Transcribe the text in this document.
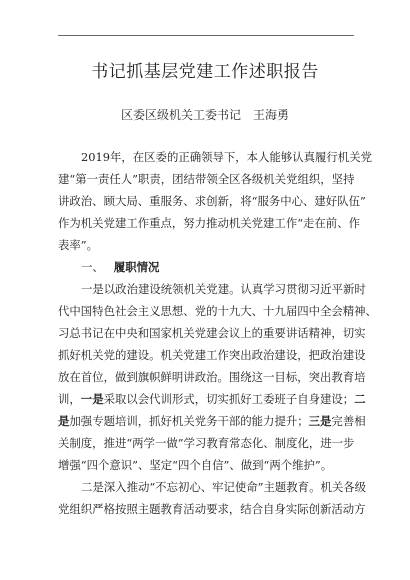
书记抓基层党建工作述职报告
区委区级机关工委书记 王海勇
2019年，在区委的正确领导下，本人能够认真履行机关党
建“第一责任人”职责，团结带领全区各级机关党组织，坚持
讲政治、顾大局、重服务、求创新，将“服务中心、建好队伍”
作为机关党建工作重点，努力推动机关党建工作“走在前、作
表率”。
一、 履职情况
一是以政治建设统领机关党建。认真学习贯彻习近平新时
代中国特色社会主义思想、党的十九大、十九届四中全会精神、
习总书记在中央和国家机关党建会议上的重要讲话精神，切实
抓好机关党的建设。机关党建工作突出政治建设，把政治建设
放在首位，做到旗帜鲜明讲政治。围绕这一目标，突出教育培
训，一是采取以会代训形式，切实抓好工委班子自身建设；二
是加强专题培训，抓好机关党务干部的能力提升；三是完善相
关制度，推进“两学一做”学习教育常态化、制度化，进一步
增强“四个意识”、坚定“四个自信”、做到“两个维护”。
二是深入推动“不忘初心、牢记使命”主题教育。机关各级
党组织严格按照主题教育活动要求，结合自身实际创新活动方
